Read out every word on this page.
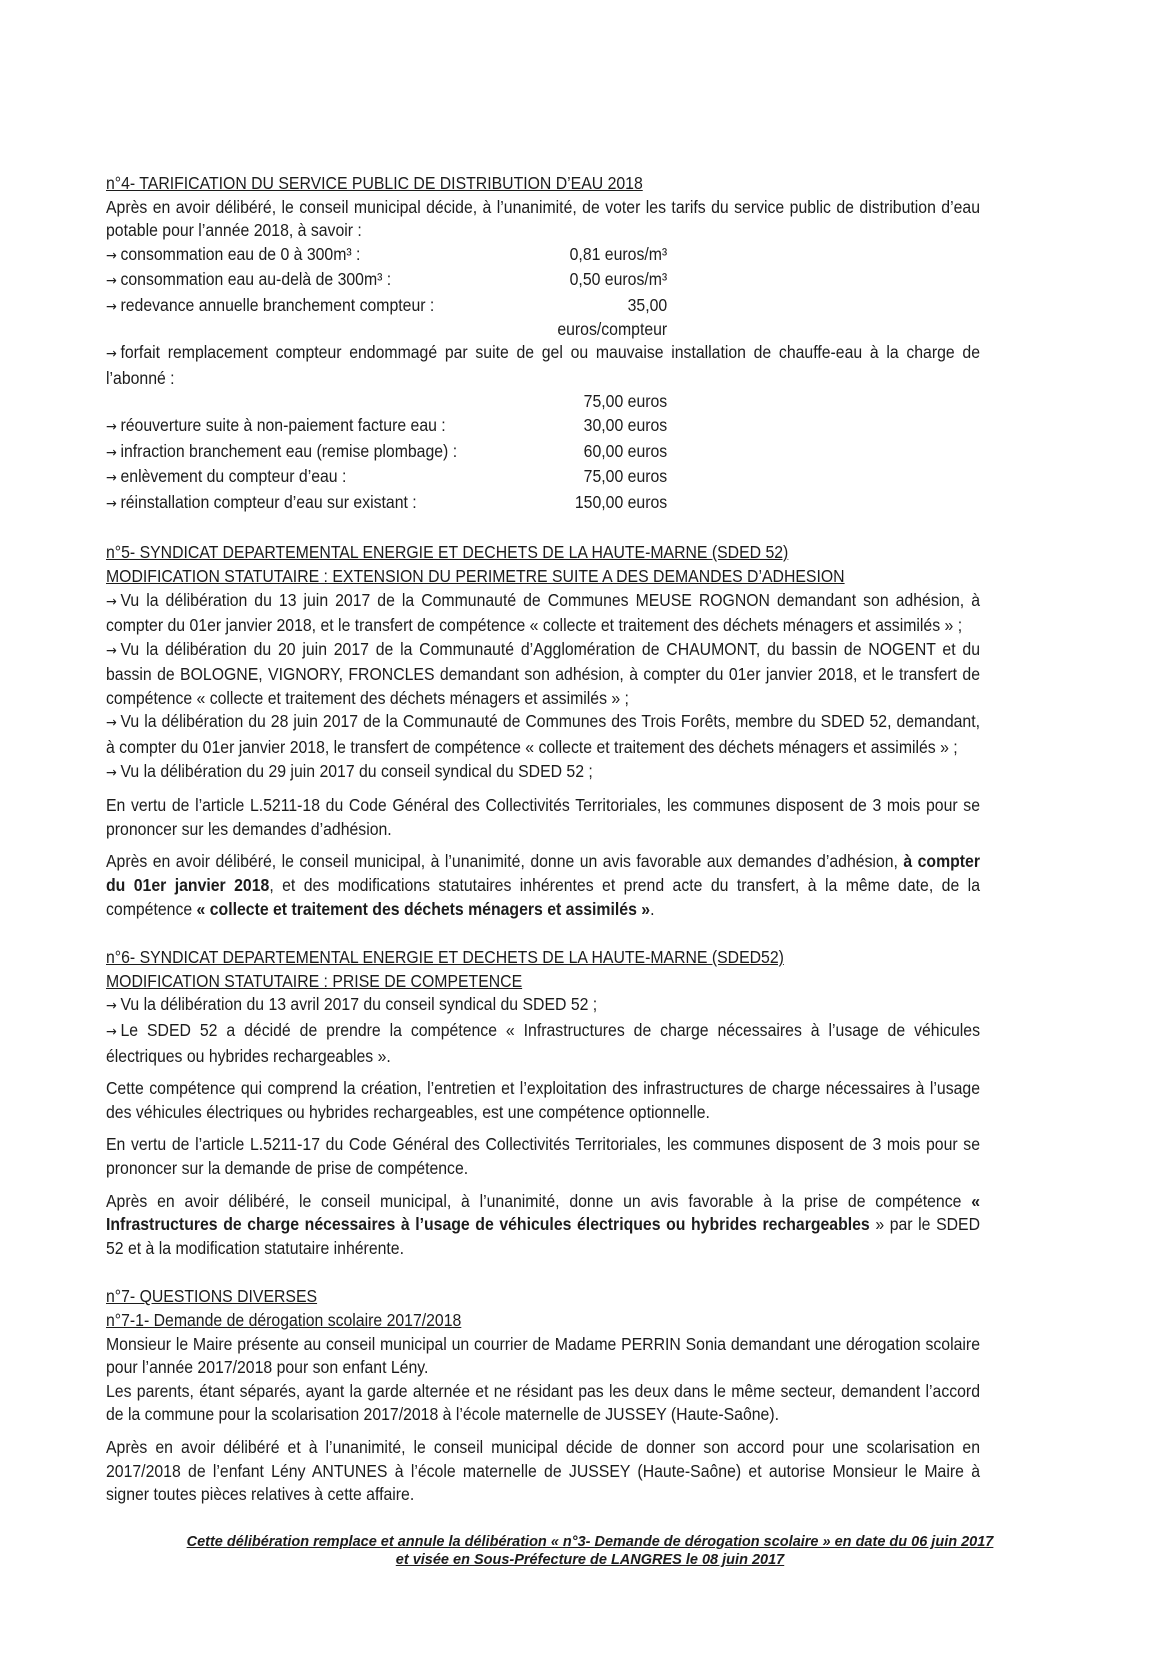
n°4- TARIFICATION DU SERVICE PUBLIC DE DISTRIBUTION D’EAU 2018

Après en avoir délibéré, le conseil municipal décide, à l’unanimité, de voter les tarifs du service public de distribution d’eau potable pour l’année 2018, à savoir :

→ consommation eau de 0 à 300m³ :	0,81 euros/m³
→ consommation eau au-delà de 300m³ :	0,50 euros/m³
→ redevance annuelle branchement compteur :	35,00 euros/compteur

→ forfait remplacement compteur endommagé par suite de gel ou mauvaise installation de chauffe-eau à la charge de l’abonné :

75,00 euros
→ réouverture suite à non-paiement facture eau :	30,00 euros
→ infraction branchement eau (remise plombage) :	60,00 euros
→ enlèvement du compteur d’eau :	75,00 euros
→ réinstallation compteur d’eau sur existant :	150,00 euros

n°5- SYNDICAT DEPARTEMENTAL ENERGIE ET DECHETS DE LA HAUTE-MARNE (SDED 52)

MODIFICATION STATUTAIRE : EXTENSION DU PERIMETRE SUITE A DES DEMANDES D’ADHESION

→ Vu la délibération du 13 juin 2017 de la Communauté de Communes MEUSE ROGNON demandant son adhésion, à compter du 01er janvier 2018, et le transfert de compétence « collecte et traitement des déchets ménagers et assimilés » ;

→ Vu la délibération du 20 juin 2017 de la Communauté d’Agglomération de CHAUMONT, du bassin de NOGENT et du bassin de BOLOGNE, VIGNORY, FRONCLES demandant son adhésion, à compter du 01er janvier 2018, et le transfert de compétence « collecte et traitement des déchets ménagers et assimilés » ;

→ Vu la délibération du 28 juin 2017 de la Communauté de Communes des Trois Forêts, membre du SDED 52, demandant, à compter du 01er janvier 2018, le transfert de compétence « collecte et traitement des déchets ménagers et assimilés » ;

→ Vu la délibération du 29 juin 2017 du conseil syndical du SDED 52 ;

En vertu de l’article L.5211-18 du Code Général des Collectivités Territoriales, les communes disposent de 3 mois pour se prononcer sur les demandes d’adhésion.

Après en avoir délibéré, le conseil municipal, à l’unanimité, donne un avis favorable aux demandes d’adhésion, à compter du 01er janvier 2018, et des modifications statutaires inhérentes et prend acte du transfert, à la même date, de la compétence « collecte et traitement des déchets ménagers et assimilés ».

n°6- SYNDICAT DEPARTEMENTAL ENERGIE ET DECHETS DE LA HAUTE-MARNE (SDED52)

MODIFICATION STATUTAIRE : PRISE DE COMPETENCE

→ Vu la délibération du 13 avril 2017 du conseil syndical du SDED 52 ;

→ Le SDED 52 a décidé de prendre la compétence « Infrastructures de charge nécessaires à l’usage de véhicules électriques ou hybrides rechargeables ».

Cette compétence qui comprend la création, l’entretien et l’exploitation des infrastructures de charge nécessaires à l’usage des véhicules électriques ou hybrides rechargeables, est une compétence optionnelle.

En vertu de l’article L.5211-17 du Code Général des Collectivités Territoriales, les communes disposent de 3 mois pour se prononcer sur la demande de prise de compétence.

Après en avoir délibéré, le conseil municipal, à l’unanimité, donne un avis favorable à la prise de compétence « Infrastructures de charge nécessaires à l’usage de véhicules électriques ou hybrides rechargeables » par le SDED 52 et à la modification statutaire inhérente.

n°7- QUESTIONS DIVERSES

n°7-1- Demande de dérogation scolaire 2017/2018

Monsieur le Maire présente au conseil municipal un courrier de Madame PERRIN Sonia demandant une dérogation scolaire pour l’année 2017/2018 pour son enfant Lény.

Les parents, étant séparés, ayant la garde alternée et ne résidant pas les deux dans le même secteur, demandent l’accord de la commune pour la scolarisation 2017/2018 à l’école maternelle de JUSSEY (Haute-Saône).

Après en avoir délibéré et à l’unanimité, le conseil municipal décide de donner son accord pour une scolarisation en 2017/2018 de l’enfant Lény ANTUNES à l’école maternelle de JUSSEY (Haute-Saône) et autorise Monsieur le Maire à signer toutes pièces relatives à cette affaire.

Cette délibération remplace et annule la délibération « n°3- Demande de dérogation scolaire » en date du 06 juin 2017
et visée en Sous-Préfecture de LANGRES le 08 juin 2017
